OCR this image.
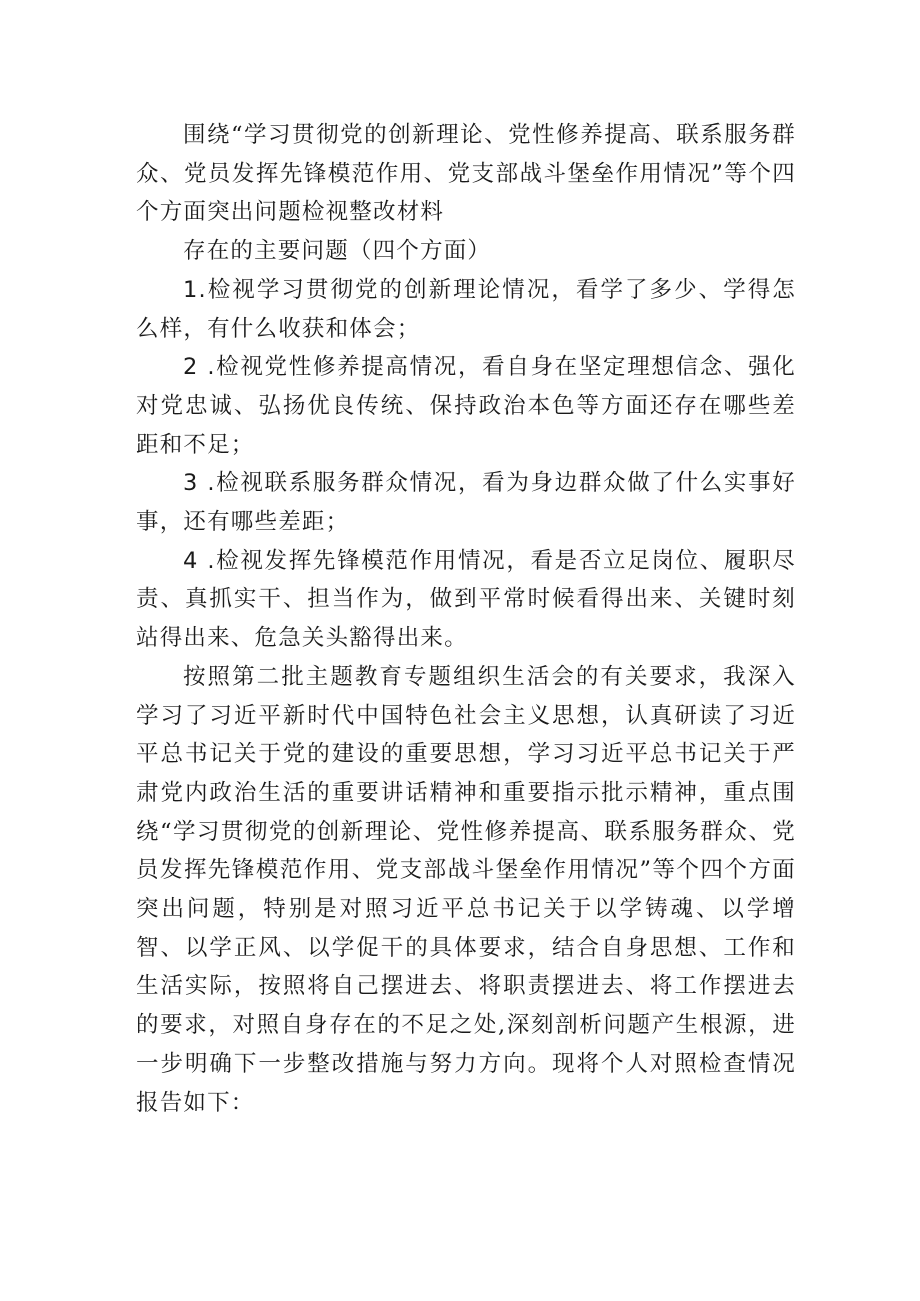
围绕“学习贯彻党的创新理论、党性修养提高、联系服务群众、党员发挥先锋模范作用、党支部战斗堡垒作用情况”等个四个方面突出问题检视整改材料

存在的主要问题（四个方面）

1.检视学习贯彻党的创新理论情况，看学了多少、学得怎么样，有什么收获和体会；

2 .检视党性修养提高情况，看自身在坚定理想信念、强化对党忠诚、弘扬优良传统、保持政治本色等方面还存在哪些差距和不足；

3 .检视联系服务群众情况，看为身边群众做了什么实事好事，还有哪些差距；

4 .检视发挥先锋模范作用情况，看是否立足岗位、履职尽责、真抓实干、担当作为，做到平常时候看得出来、关键时刻站得出来、危急关头豁得出来。

按照第二批主题教育专题组织生活会的有关要求，我深入学习了习近平新时代中国特色社会主义思想，认真研读了习近平总书记关于党的建设的重要思想，学习习近平总书记关于严肃党内政治生活的重要讲话精神和重要指示批示精神，重点围绕“学习贯彻党的创新理论、党性修养提高、联系服务群众、党员发挥先锋模范作用、党支部战斗堡垒作用情况”等个四个方面突出问题，特别是对照习近平总书记关于以学铸魂、以学增智、以学正风、以学促干的具体要求，结合自身思想、工作和生活实际，按照将自己摆进去、将职责摆进去、将工作摆进去的要求，对照自身存在的不足之处,深刻剖析问题产生根源，进一步明确下一步整改措施与努力方向。现将个人对照检查情况报告如下：
